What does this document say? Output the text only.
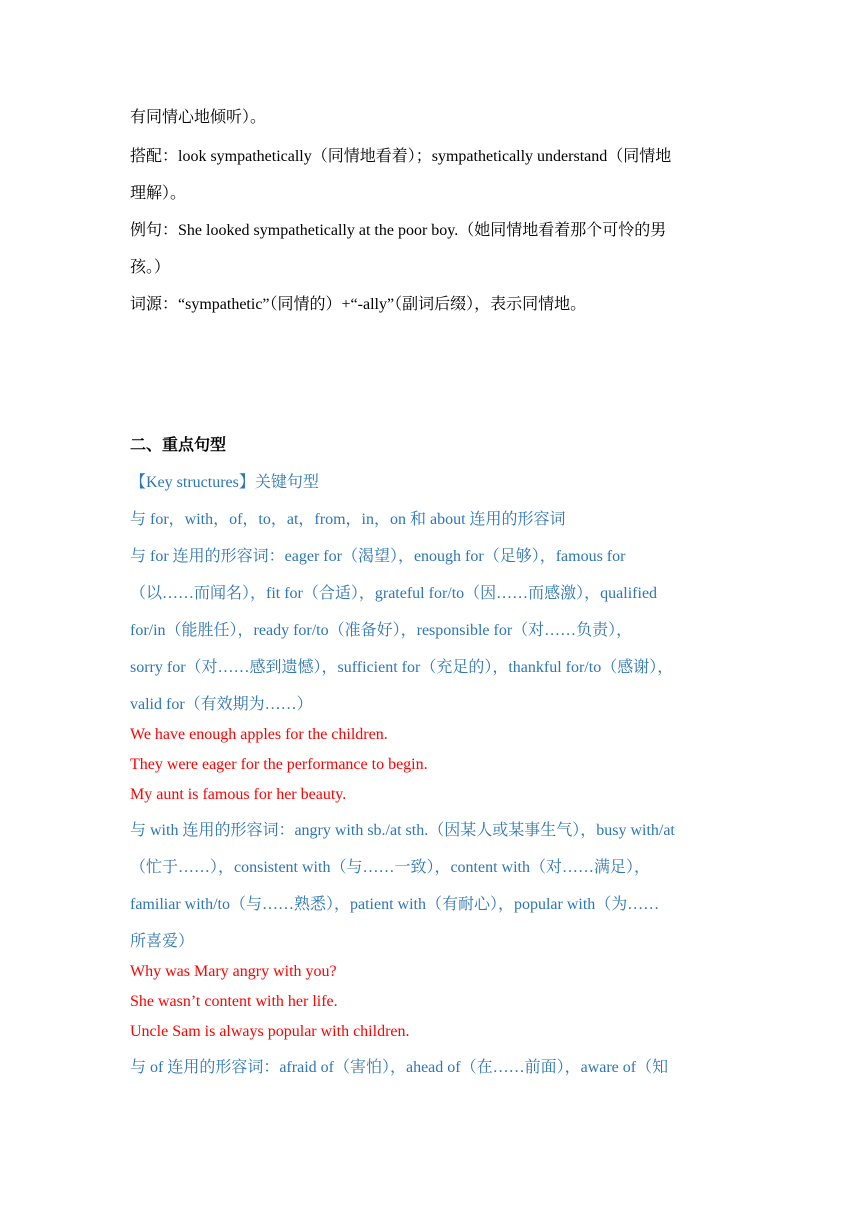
有同情心地倾听）。
搭配：look sympathetically（同情地看着）；sympathetically understand（同情地
理解）。
例句：She looked sympathetically at the poor boy.（她同情地看着那个可怜的男
孩。）
词源：“sympathetic”（同情的）+“-ally”（副词后缀），表示同情地。
二、重点句型
【Key structures】关键句型
与 for，with，of，to，at，from，in，on 和 about 连用的形容词
与 for 连用的形容词：eager for（渴望），enough for（足够），famous for
（以……而闻名），fit for（合适），grateful for/to（因……而感激），qualified
for/in（能胜任），ready for/to（准备好），responsible for（对……负责），
sorry for（对……感到遗憾），sufficient for（充足的），thankful for/to（感谢），
valid for（有效期为……）
We have enough apples for the children.
They were eager for the performance to begin.
My aunt is famous for her beauty.
与 with 连用的形容词：angry with sb./at sth.（因某人或某事生气），busy with/at
（忙于……），consistent with（与……一致），content with（对……满足），
familiar with/to（与……熟悉），patient with（有耐心），popular with（为……
所喜爱）
Why was Mary angry with you?
She wasn’t content with her life.
Uncle Sam is always popular with children.
与 of 连用的形容词：afraid of（害怕），ahead of（在……前面），aware of（知
